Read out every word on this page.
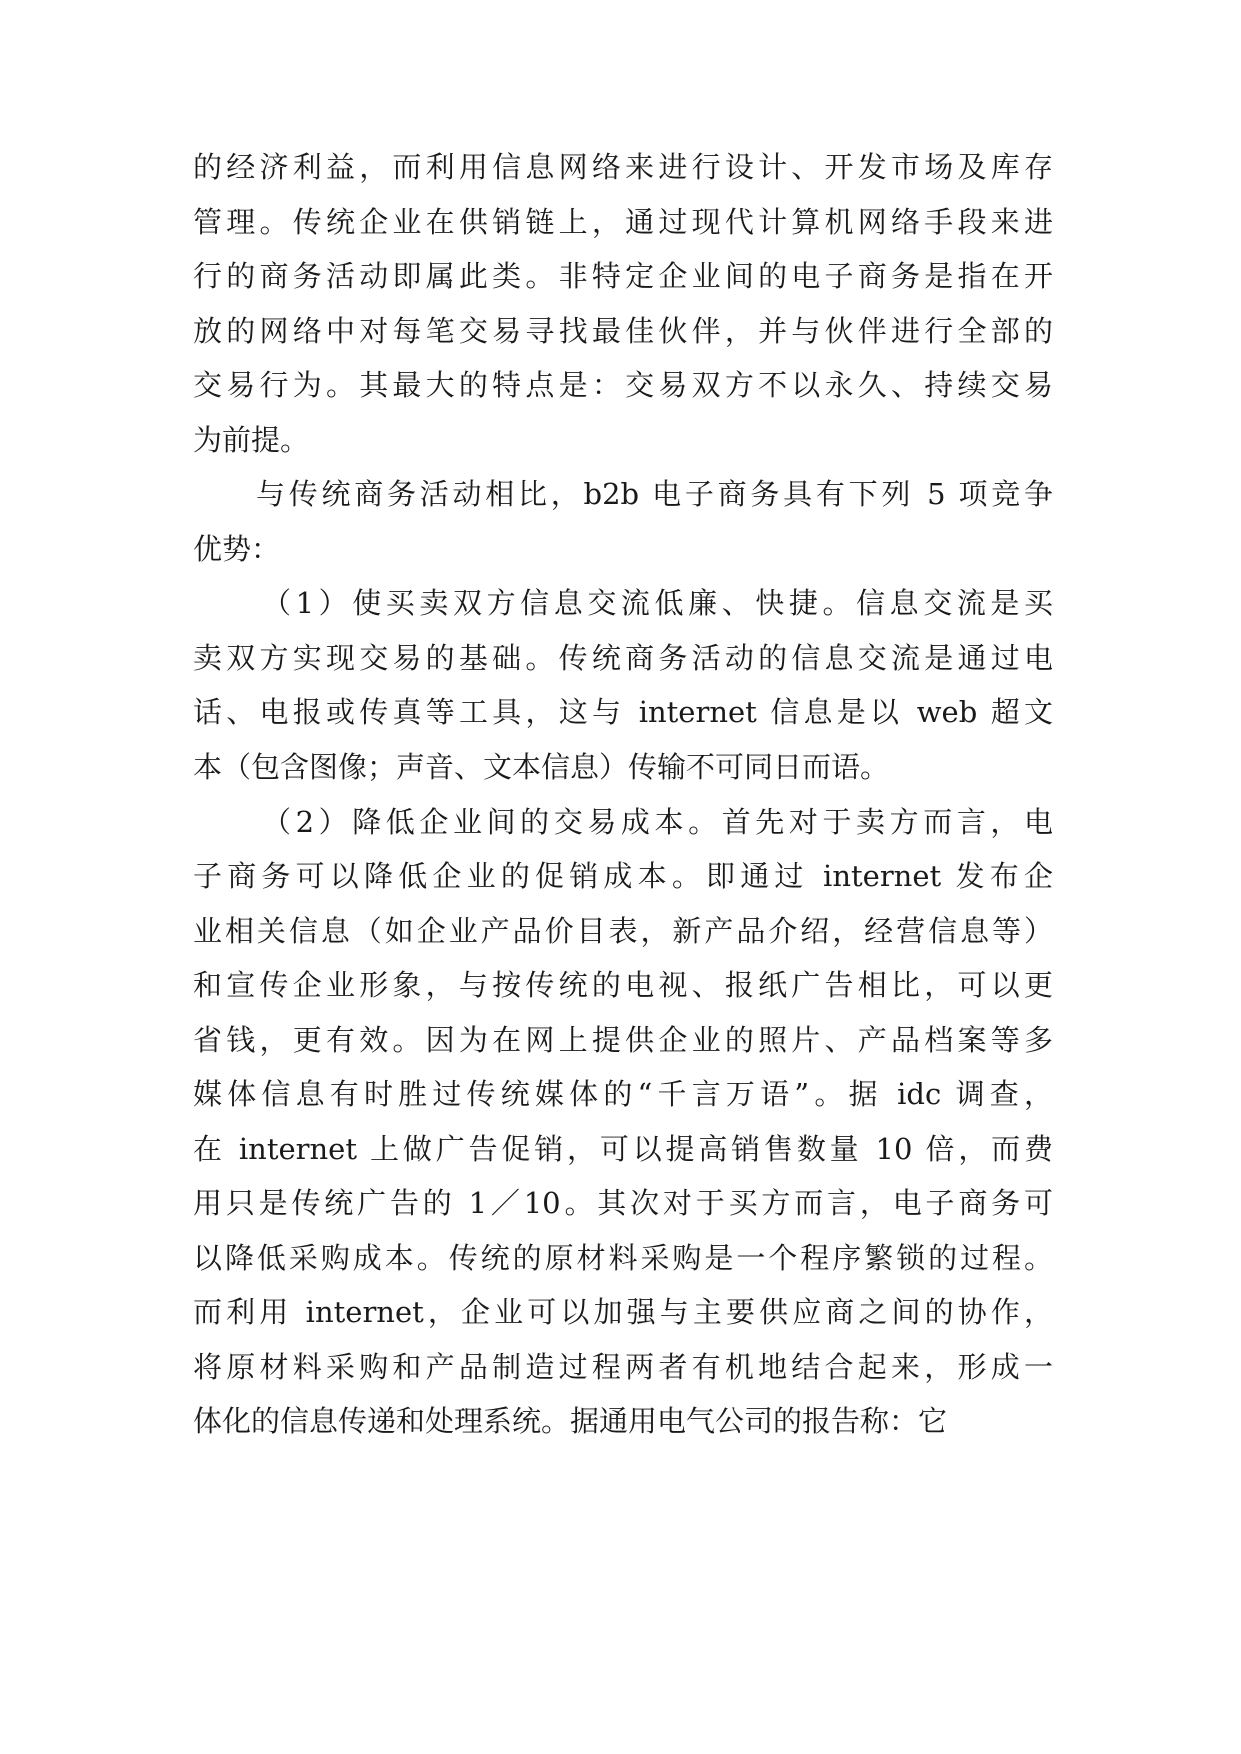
的经济利益，而利用信息网络来进行设计、开发市场及库存
管理。传统企业在供销链上，通过现代计算机网络手段来进
行的商务活动即属此类。非特定企业间的电子商务是指在开
放的网络中对每笔交易寻找最佳伙伴，并与伙伴进行全部的
交易行为。其最大的特点是：交易双方不以永久、持续交易
为前提。
与传统商务活动相比，b2b 电子商务具有下列 5 项竞争
优势：
（1）使买卖双方信息交流低廉、快捷。信息交流是买
卖双方实现交易的基础。传统商务活动的信息交流是通过电
话、电报或传真等工具，这与 internet 信息是以 web 超文
本（包含图像；声音、文本信息）传输不可同日而语。
（2）降低企业间的交易成本。首先对于卖方而言，电
子商务可以降低企业的促销成本。即通过 internet 发布企
业相关信息（如企业产品价目表，新产品介绍，经营信息等）
和宣传企业形象，与按传统的电视、报纸广告相比，可以更
省钱，更有效。因为在网上提供企业的照片、产品档案等多
媒体信息有时胜过传统媒体的“千言万语”。据 idc 调查，
在 internet 上做广告促销，可以提高销售数量 10 倍，而费
用只是传统广告的 1／10。其次对于买方而言，电子商务可
以降低采购成本。传统的原材料采购是一个程序繁锁的过程。
而利用 internet，企业可以加强与主要供应商之间的协作，
将原材料采购和产品制造过程两者有机地结合起来，形成一
体化的信息传递和处理系统。据通用电气公司的报告称：它
